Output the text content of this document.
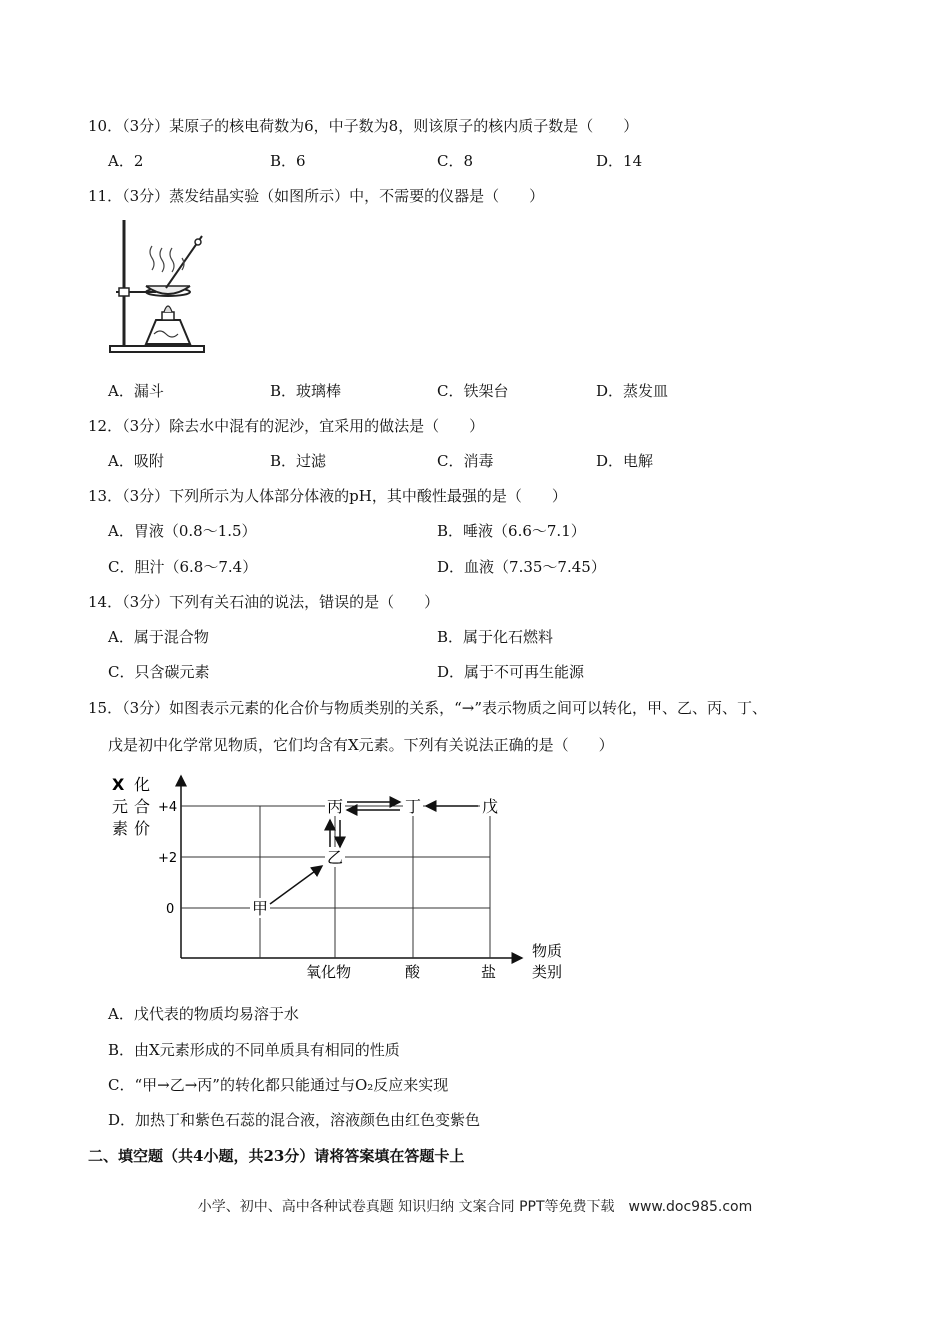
10．（3分）某原子的核电荷数为6，中子数为8，则该原子的核内质子数是（　　）
A．2	B．6	C．8	D．14
11．（3分）蒸发结晶实验（如图所示）中，不需要的仪器是（　　）
A．漏斗	B．玻璃棒	C．铁架台	D．蒸发皿
12．（3分）除去水中混有的泥沙，宜采用的做法是（　　）
A．吸附	B．过滤	C．消毒	D．电解
13．（3分）下列所示为人体部分体液的pH，其中酸性最强的是（　　）
A．胃液（0.8～1.5）	B．唾液（6.6～7.1）
C．胆汁（6.8～7.4）	D．血液（7.35～7.45）
14．（3分）下列有关石油的说法，错误的是（　　）
A．属于混合物	B．属于化石燃料
C．只含碳元素	D．属于不可再生能源
15．（3分）如图表示元素的化合价与物质类别的关系，“→”表示物质之间可以转化，甲、乙、丙、丁、
戊是初中化学常见物质，它们均含有X元素。下列有关说法正确的是（　　）
X 化
元 合
素 价
+4
+2
0
氧化物	酸	盐
物质
类别
甲
乙
丙	丁	戊
A．戊代表的物质均易溶于水
B．由X元素形成的不同单质具有相同的性质
C．“甲→乙→丙”的转化都只能通过与O₂反应来实现
D．加热丁和紫色石蕊的混合液，溶液颜色由红色变紫色
二、填空题（共4小题，共23分）请将答案填在答题卡上
小学、初中、高中各种试卷真题 知识归纳 文案合同 PPT等免费下载　www.doc985.com
